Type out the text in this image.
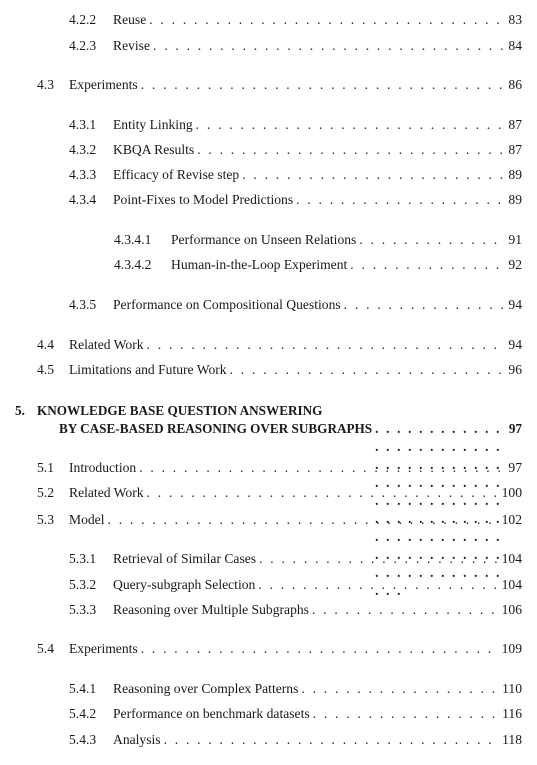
4.2.2	Reuse . . .	83
4.2.3	Revise . . .	84
4.3	Experiments . . .	86
4.3.1	Entity Linking . . .	87
4.3.2	KBQA Results . . .	87
4.3.3	Efficacy of Revise step . . .	89
4.3.4	Point-Fixes to Model Predictions . . .	89
4.3.4.1	Performance on Unseen Relations . . .	91
4.3.4.2	Human-in-the-Loop Experiment . . .	92
4.3.5	Performance on Compositional Questions . . .	94
4.4	Related Work . . .	94
4.5	Limitations and Future Work . . .	96
5. KNOWLEDGE BASE QUESTION ANSWERING
BY CASE-BASED REASONING OVER SUBGRAPHS . . .	97
5.1	Introduction . . .	97
5.2	Related Work . . .	100
5.3	Model . . .	102
5.3.1	Retrieval of Similar Cases . . .	104
5.3.2	Query-subgraph Selection . . .	104
5.3.3	Reasoning over Multiple Subgraphs . . .	106
5.4	Experiments . . .	109
5.4.1	Reasoning over Complex Patterns . . .	110
5.4.2	Performance on benchmark datasets . . .	116
5.4.3	Analysis . . .	118
